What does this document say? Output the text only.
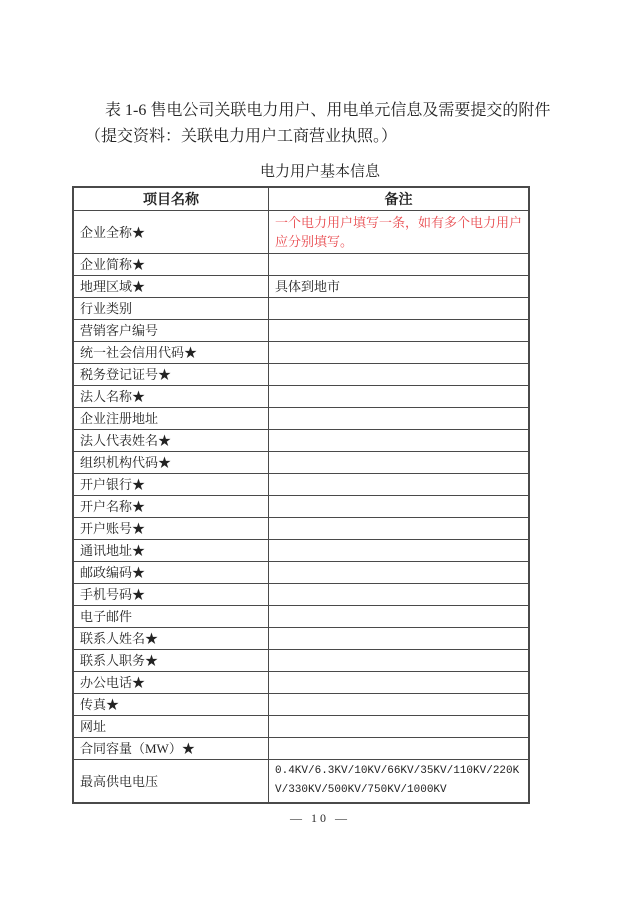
表 1-6 售电公司关联电力用户、用电单元信息及需要提交的附件
（提交资料：关联电力用户工商营业执照。）
电力用户基本信息
项目名称	备注
企业全称★	一个电力用户填写一条，如有多个电力用户应分别填写。
企业简称★	
地理区域★	具体到地市
行业类别	
营销客户编号	
统一社会信用代码★	
税务登记证号★	
法人名称★	
企业注册地址	
法人代表姓名★	
组织机构代码★	
开户银行★	
开户名称★	
开户账号★	
通讯地址★	
邮政编码★	
手机号码★	
电子邮件	
联系人姓名★	
联系人职务★	
办公电话★	
传真★	
网址	
合同容量（MW）★	
最高供电电压	0.4KV/6.3KV/10KV/66KV/35KV/110KV/220KV/330KV/500KV/750KV/1000KV
— 10 —
